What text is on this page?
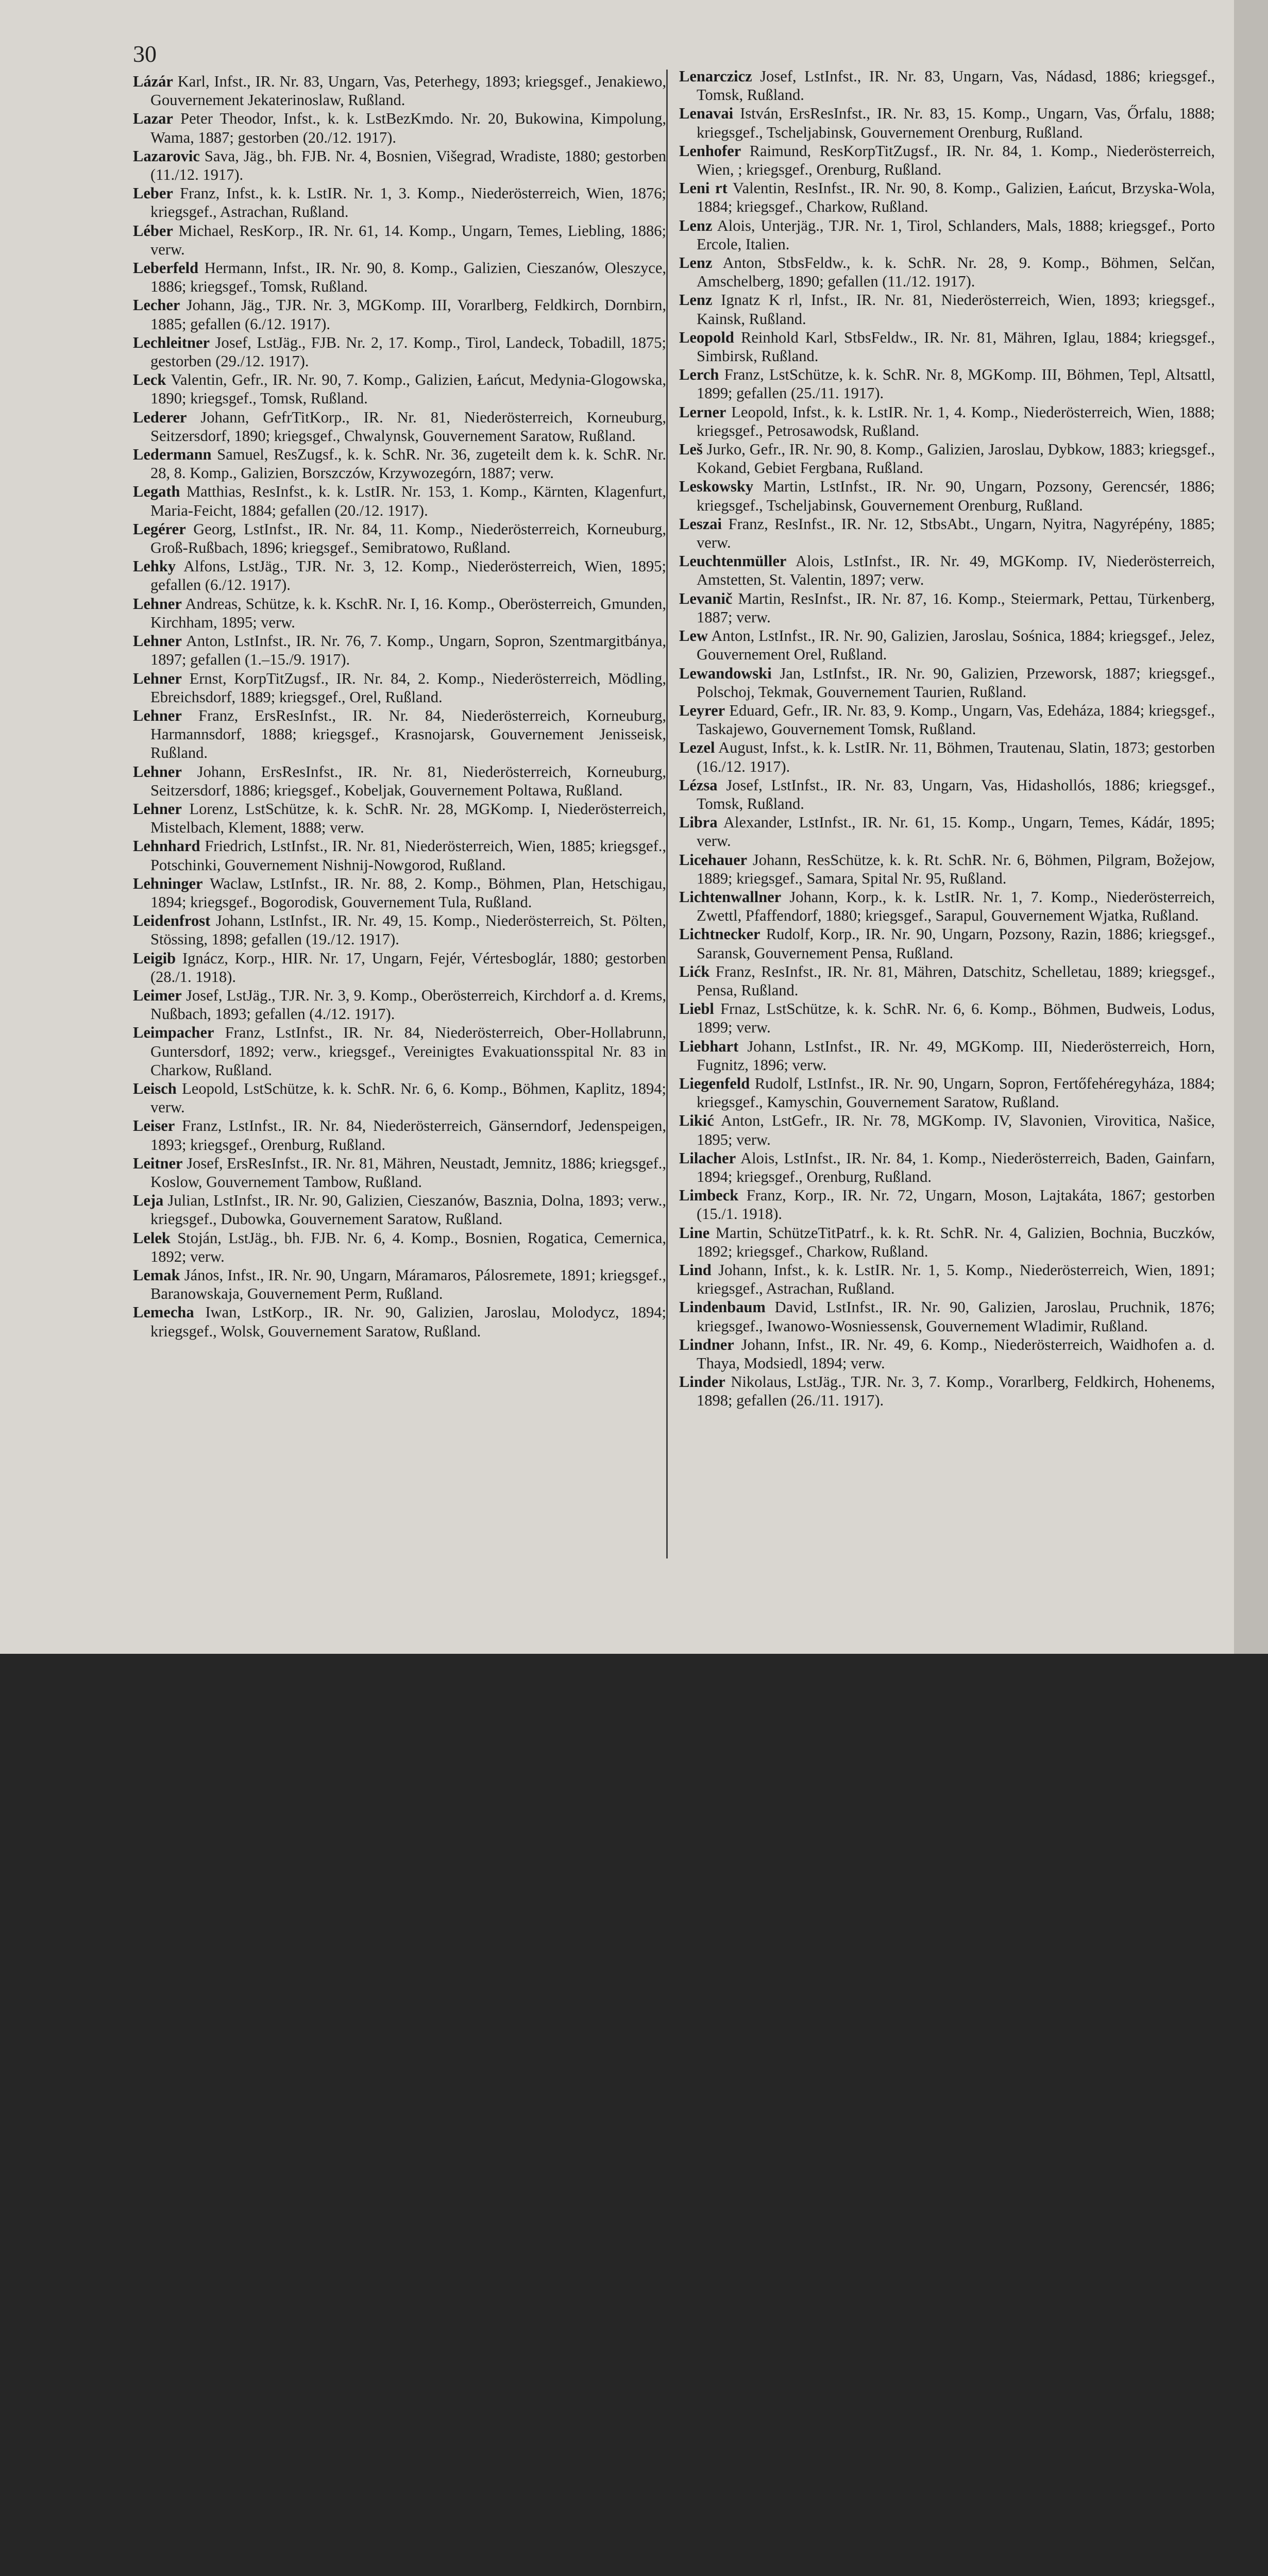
30
Lázár Karl, Infst., IR. Nr. 83, Ungarn, Vas, Peterhegy, 1893; kriegsgef., Jenakiewo, Gouvernement Jekaterinoslaw, Rußland.
Lazar Peter Theodor, Infst., k. k. LstBezKmdo. Nr. 20, Bukowina, Kimpolung, Wama, 1887; gestorben (20./12. 1917).
Lazarovic Sava, Jäg., bh. FJB. Nr. 4, Bosnien, Višegrad, Wradiste, 1880; gestorben (11./12. 1917).
Leber Franz, Infst., k. k. LstIR. Nr. 1, 3. Komp., Niederösterreich, Wien, 1876; kriegsgef., Astrachan, Rußland.
Léber Michael, ResKorp., IR. Nr. 61, 14. Komp., Ungarn, Temes, Liebling, 1886; verw.
Leberfeld Hermann, Infst., IR. Nr. 90, 8. Komp., Galizien, Cieszanów, Oleszyce, 1886; kriegsgef., Tomsk, Rußland.
Lecher Johann, Jäg., TJR. Nr. 3, MGKomp. III, Vorarlberg, Feldkirch, Dornbirn, 1885; gefallen (6./12. 1917).
Lechleitner Josef, LstJäg., FJB. Nr. 2, 17. Komp., Tirol, Landeck, Tobadill, 1875; gestorben (29./12. 1917).
Leck Valentin, Gefr., IR. Nr. 90, 7. Komp., Galizien, Łańcut, Medynia-Glogowska, 1890; kriegsgef., Tomsk, Rußland.
Lederer Johann, GefrTitKorp., IR. Nr. 81, Niederösterreich, Korneuburg, Seitzersdorf, 1890; kriegsgef., Chwalynsk, Gouvernement Saratow, Rußland.
Ledermann Samuel, ResZugsf., k. k. SchR. Nr. 36, zugeteilt dem k. k. SchR. Nr. 28, 8. Komp., Galizien, Borszczów, Krzywozegórn, 1887; verw.
Legath Matthias, ResInfst., k. k. LstIR. Nr. 153, 1. Komp., Kärnten, Klagenfurt, Maria-Feicht, 1884; gefallen (20./12. 1917).
Legérer Georg, LstInfst., IR. Nr. 84, 11. Komp., Niederösterreich, Korneuburg, Groß-Rußbach, 1896; kriegsgef., Semibratowo, Rußland.
Lehky Alfons, LstJäg., TJR. Nr. 3, 12. Komp., Niederösterreich, Wien, 1895; gefallen (6./12. 1917).
Lehner Andreas, Schütze, k. k. KschR. Nr. I, 16. Komp., Oberösterreich, Gmunden, Kirchham, 1895; verw.
Lehner Anton, LstInfst., IR. Nr. 76, 7. Komp., Ungarn, Sopron, Szentmargitbánya, 1897; gefallen (1.–15./9. 1917).
Lehner Ernst, KorpTitZugsf., IR. Nr. 84, 2. Komp., Niederösterreich, Mödling, Ebreichsdorf, 1889; kriegsgef., Orel, Rußland.
Lehner Franz, ErsResInfst., IR. Nr. 84, Niederösterreich, Korneuburg, Harmannsdorf, 1888; kriegsgef., Krasnojarsk, Gouvernement Jenisseisk, Rußland.
Lehner Johann, ErsResInfst., IR. Nr. 81, Niederösterreich, Korneuburg, Seitzersdorf, 1886; kriegsgef., Kobeljak, Gouvernement Poltawa, Rußland.
Lehner Lorenz, LstSchütze, k. k. SchR. Nr. 28, MGKomp. I, Niederösterreich, Mistelbach, Klement, 1888; verw.
Lehnhard Friedrich, LstInfst., IR. Nr. 81, Niederösterreich, Wien, 1885; kriegsgef., Potschinki, Gouvernement Nishnij-Nowgorod, Rußland.
Lehninger Waclaw, LstInfst., IR. Nr. 88, 2. Komp., Böhmen, Plan, Hetschigau, 1894; kriegsgef., Bogorodisk, Gouvernement Tula, Rußland.
Leidenfrost Johann, LstInfst., IR. Nr. 49, 15. Komp., Niederösterreich, St. Pölten, Stössing, 1898; gefallen (19./12. 1917).
Leigib Ignácz, Korp., HIR. Nr. 17, Ungarn, Fejér, Vértesboglár, 1880; gestorben (28./1. 1918).
Leimer Josef, LstJäg., TJR. Nr. 3, 9. Komp., Oberösterreich, Kirchdorf a. d. Krems, Nußbach, 1893; gefallen (4./12. 1917).
Leimpacher Franz, LstInfst., IR. Nr. 84, Niederösterreich, Ober-Hollabrunn, Guntersdorf, 1892; verw., kriegsgef., Vereinigtes Evakuationsspital Nr. 83 in Charkow, Rußland.
Leisch Leopold, LstSchütze, k. k. SchR. Nr. 6, 6. Komp., Böhmen, Kaplitz, 1894; verw.
Leiser Franz, LstInfst., IR. Nr. 84, Niederösterreich, Gänserndorf, Jedenspeigen, 1893; kriegsgef., Orenburg, Rußland.
Leitner Josef, ErsResInfst., IR. Nr. 81, Mähren, Neustadt, Jemnitz, 1886; kriegsgef., Koslow, Gouvernement Tambow, Rußland.
Leja Julian, LstInfst., IR. Nr. 90, Galizien, Cieszanów, Basznia, Dolna, 1893; verw., kriegsgef., Dubowka, Gouvernement Saratow, Rußland.
Lelek Stoján, LstJäg., bh. FJB. Nr. 6, 4. Komp., Bosnien, Rogatica, Cemernica, 1892; verw.
Lemak János, Infst., IR. Nr. 90, Ungarn, Máramaros, Pálosremete, 1891; kriegsgef., Baranowskaja, Gouvernement Perm, Rußland.
Lemecha Iwan, LstKorp., IR. Nr. 90, Galizien, Jaroslau, Molodycz, 1894; kriegsgef., Wolsk, Gouvernement Saratow, Rußland.
Lenarczicz Josef, LstInfst., IR. Nr. 83, Ungarn, Vas, Nádasd, 1886; kriegsgef., Tomsk, Rußland.
Lenavai István, ErsResInfst., IR. Nr. 83, 15. Komp., Ungarn, Vas, Őrfalu, 1888; kriegsgef., Tscheljabinsk, Gouvernement Orenburg, Rußland.
Lenhofer Raimund, ResKorpTitZugsf., IR. Nr. 84, 1. Komp., Niederösterreich, Wien, ; kriegsgef., Orenburg, Rußland.
Leni rt Valentin, ResInfst., IR. Nr. 90, 8. Komp., Galizien, Łańcut, Brzyska-Wola, 1884; kriegsgef., Charkow, Rußland.
Lenz Alois, Unterjäg., TJR. Nr. 1, Tirol, Schlanders, Mals, 1888; kriegsgef., Porto Ercole, Italien.
Lenz Anton, StbsFeldw., k. k. SchR. Nr. 28, 9. Komp., Böhmen, Selčan, Amschelberg, 1890; gefallen (11./12. 1917).
Lenz Ignatz K rl, Infst., IR. Nr. 81, Niederösterreich, Wien, 1893; kriegsgef., Kainsk, Rußland.
Leopold Reinhold Karl, StbsFeldw., IR. Nr. 81, Mähren, Iglau, 1884; kriegsgef., Simbirsk, Rußland.
Lerch Franz, LstSchütze, k. k. SchR. Nr. 8, MGKomp. III, Böhmen, Tepl, Altsattl, 1899; gefallen (25./11. 1917).
Lerner Leopold, Infst., k. k. LstIR. Nr. 1, 4. Komp., Niederösterreich, Wien, 1888; kriegsgef., Petrosawodsk, Rußland.
Leš Jurko, Gefr., IR. Nr. 90, 8. Komp., Galizien, Jaroslau, Dybkow, 1883; kriegsgef., Kokand, Gebiet Fergbana, Rußland.
Leskowsky Martin, LstInfst., IR. Nr. 90, Ungarn, Pozsony, Gerencsér, 1886; kriegsgef., Tscheljabinsk, Gouvernement Orenburg, Rußland.
Leszai Franz, ResInfst., IR. Nr. 12, StbsAbt., Ungarn, Nyitra, Nagyrépény, 1885; verw.
Leuchtenmüller Alois, LstInfst., IR. Nr. 49, MGKomp. IV, Niederösterreich, Amstetten, St. Valentin, 1897; verw.
Levanič Martin, ResInfst., IR. Nr. 87, 16. Komp., Steiermark, Pettau, Türkenberg, 1887; verw.
Lew Anton, LstInfst., IR. Nr. 90, Galizien, Jaroslau, Sośnica, 1884; kriegsgef., Jelez, Gouvernement Orel, Rußland.
Lewandowski Jan, LstInfst., IR. Nr. 90, Galizien, Przeworsk, 1887; kriegsgef., Polschoj, Tekmak, Gouvernement Taurien, Rußland.
Leyrer Eduard, Gefr., IR. Nr. 83, 9. Komp., Ungarn, Vas, Edeháza, 1884; kriegsgef., Taskajewo, Gouvernement Tomsk, Rußland.
Lezel August, Infst., k. k. LstIR. Nr. 11, Böhmen, Trautenau, Slatin, 1873; gestorben (16./12. 1917).
Lézsa Josef, LstInfst., IR. Nr. 83, Ungarn, Vas, Hidashollós, 1886; kriegsgef., Tomsk, Rußland.
Libra Alexander, LstInfst., IR. Nr. 61, 15. Komp., Ungarn, Temes, Kádár, 1895; verw.
Licehauer Johann, ResSchütze, k. k. Rt. SchR. Nr. 6, Böhmen, Pilgram, Božejow, 1889; kriegsgef., Samara, Spital Nr. 95, Rußland.
Lichtenwallner Johann, Korp., k. k. LstIR. Nr. 1, 7. Komp., Niederösterreich, Zwettl, Pfaffendorf, 1880; kriegsgef., Sarapul, Gouvernement Wjatka, Rußland.
Lichtnecker Rudolf, Korp., IR. Nr. 90, Ungarn, Pozsony, Razin, 1886; kriegsgef., Saransk, Gouvernement Pensa, Rußland.
Lićk Franz, ResInfst., IR. Nr. 81, Mähren, Datschitz, Schelletau, 1889; kriegsgef., Pensa, Rußland.
Liebl Frnaz, LstSchütze, k. k. SchR. Nr. 6, 6. Komp., Böhmen, Budweis, Lodus, 1899; verw.
Liebhart Johann, LstInfst., IR. Nr. 49, MGKomp. III, Niederösterreich, Horn, Fugnitz, 1896; verw.
Liegenfeld Rudolf, LstInfst., IR. Nr. 90, Ungarn, Sopron, Fertőfehéregyháza, 1884; kriegsgef., Kamyschin, Gouvernement Saratow, Rußland.
Likić Anton, LstGefr., IR. Nr. 78, MGKomp. IV, Slavonien, Virovitica, Našice, 1895; verw.
Lilacher Alois, LstInfst., IR. Nr. 84, 1. Komp., Niederösterreich, Baden, Gainfarn, 1894; kriegsgef., Orenburg, Rußland.
Limbeck Franz, Korp., IR. Nr. 72, Ungarn, Moson, Lajtakáta, 1867; gestorben (15./1. 1918).
Line Martin, SchützeTitPatrf., k. k. Rt. SchR. Nr. 4, Galizien, Bochnia, Buczków, 1892; kriegsgef., Charkow, Rußland.
Lind Johann, Infst., k. k. LstIR. Nr. 1, 5. Komp., Niederösterreich, Wien, 1891; kriegsgef., Astrachan, Rußland.
Lindenbaum David, LstInfst., IR. Nr. 90, Galizien, Jaroslau, Pruchnik, 1876; kriegsgef., Iwanowo-Wosniessensk, Gouvernement Wladimir, Rußland.
Lindner Johann, Infst., IR. Nr. 49, 6. Komp., Niederösterreich, Waidhofen a. d. Thaya, Modsiedl, 1894; verw.
Linder Nikolaus, LstJäg., TJR. Nr. 3, 7. Komp., Vorarlberg, Feldkirch, Hohenems, 1898; gefallen (26./11. 1917).
